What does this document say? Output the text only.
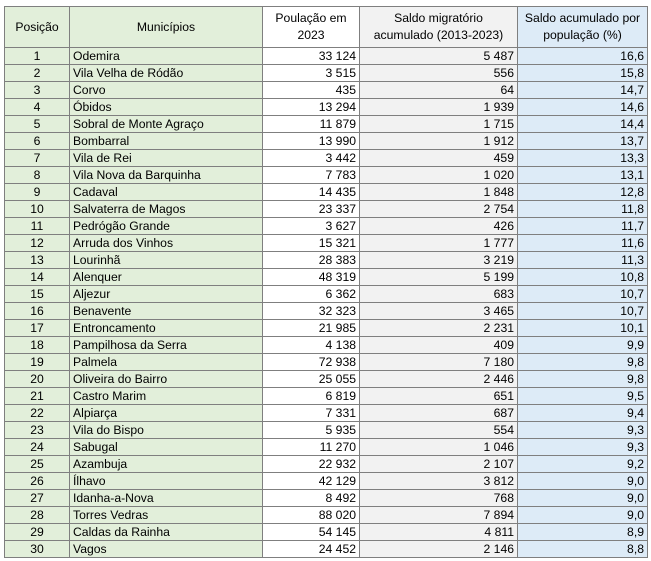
Posição	Municípios	Poulação em 2023	Saldo migratório acumulado (2013-2023)	Saldo acumulado por população (%)
1	Odemira	33 124	5 487	16,6
2	Vila Velha de Ródão	3 515	556	15,8
3	Corvo	435	64	14,7
4	Óbidos	13 294	1 939	14,6
5	Sobral de Monte Agraço	11 879	1 715	14,4
6	Bombarral	13 990	1 912	13,7
7	Vila de Rei	3 442	459	13,3
8	Vila Nova da Barquinha	7 783	1 020	13,1
9	Cadaval	14 435	1 848	12,8
10	Salvaterra de Magos	23 337	2 754	11,8
11	Pedrógão Grande	3 627	426	11,7
12	Arruda dos Vinhos	15 321	1 777	11,6
13	Lourinhã	28 383	3 219	11,3
14	Alenquer	48 319	5 199	10,8
15	Aljezur	6 362	683	10,7
16	Benavente	32 323	3 465	10,7
17	Entroncamento	21 985	2 231	10,1
18	Pampilhosa da Serra	4 138	409	9,9
19	Palmela	72 938	7 180	9,8
20	Oliveira do Bairro	25 055	2 446	9,8
21	Castro Marim	6 819	651	9,5
22	Alpiarça	7 331	687	9,4
23	Vila do Bispo	5 935	554	9,3
24	Sabugal	11 270	1 046	9,3
25	Azambuja	22 932	2 107	9,2
26	Ílhavo	42 129	3 812	9,0
27	Idanha-a-Nova	8 492	768	9,0
28	Torres Vedras	88 020	7 894	9,0
29	Caldas da Rainha	54 145	4 811	8,9
30	Vagos	24 452	2 146	8,8
